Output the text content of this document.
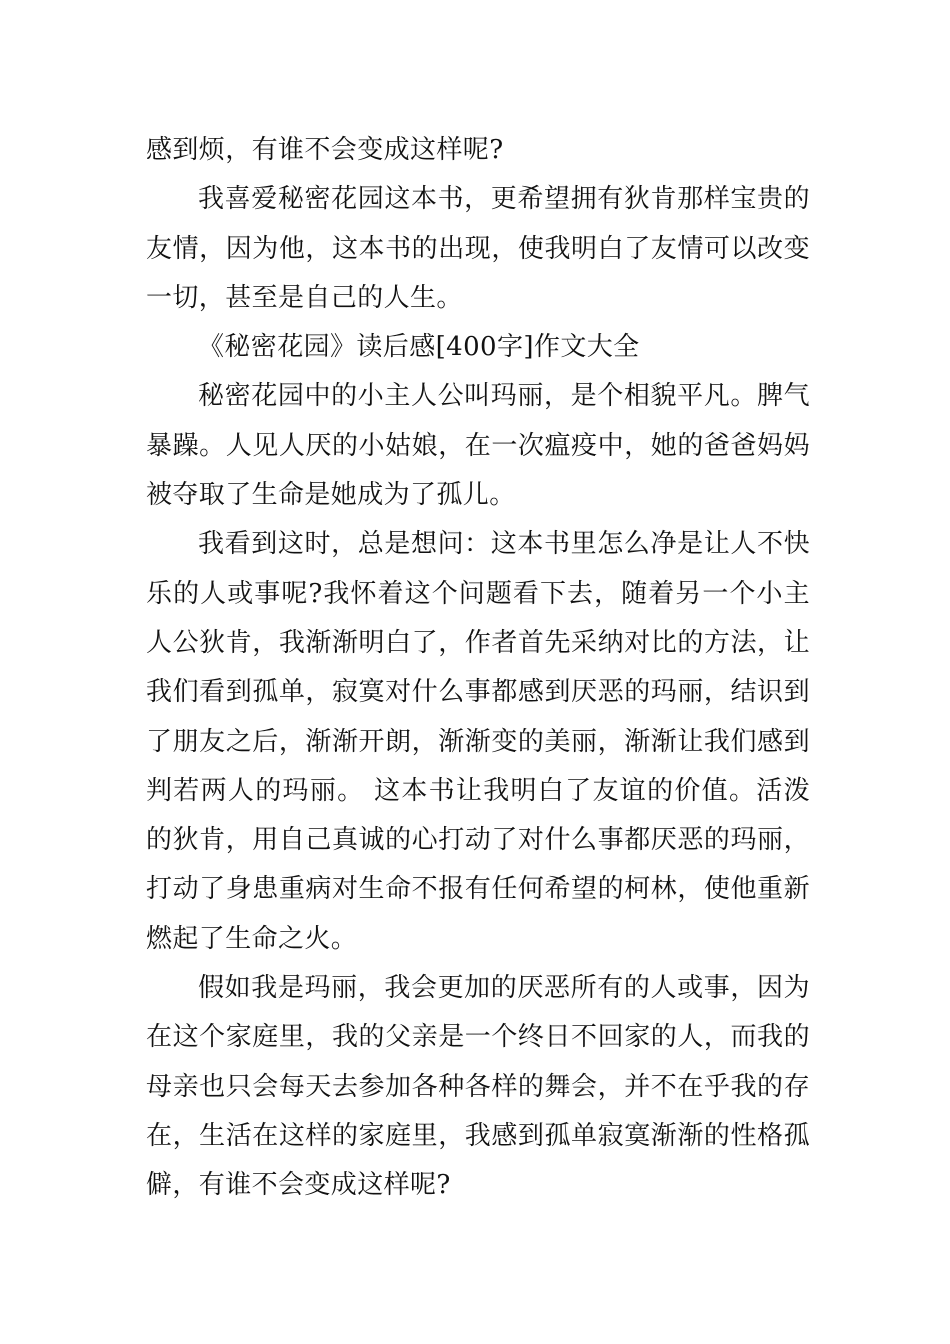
感到烦，有谁不会变成这样呢?

我喜爱秘密花园这本书，更希望拥有狄肯那样宝贵的友情，因为他，这本书的出现，使我明白了友情可以改变一切，甚至是自己的人生。

《秘密花园》读后感[400字]作文大全

秘密花园中的小主人公叫玛丽，是个相貌平凡。脾气暴躁。人见人厌的小姑娘，在一次瘟疫中，她的爸爸妈妈被夺取了生命是她成为了孤儿。

我看到这时，总是想问：这本书里怎么净是让人不快乐的人或事呢?我怀着这个问题看下去，随着另一个小主人公狄肯，我渐渐明白了，作者首先采纳对比的方法，让我们看到孤单，寂寞对什么事都感到厌恶的玛丽，结识到了朋友之后，渐渐开朗，渐渐变的美丽，渐渐让我们感到判若两人的玛丽。 这本书让我明白了友谊的价值。活泼的狄肯，用自己真诚的心打动了对什么事都厌恶的玛丽，打动了身患重病对生命不报有任何希望的柯林，使他重新燃起了生命之火。

假如我是玛丽，我会更加的厌恶所有的人或事，因为在这个家庭里，我的父亲是一个终日不回家的人，而我的母亲也只会每天去参加各种各样的舞会，并不在乎我的存在，生活在这样的家庭里，我感到孤单寂寞渐渐的性格孤僻，有谁不会变成这样呢?
